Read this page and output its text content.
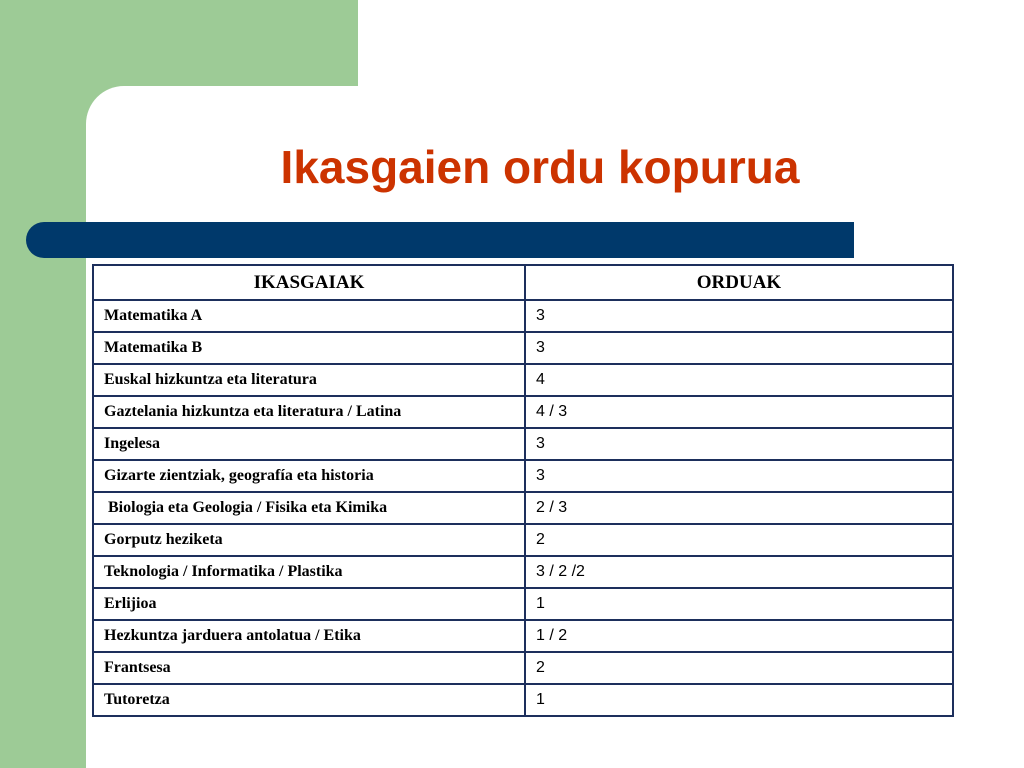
Ikasgaien ordu kopurua
IKASGAIAK	ORDUAK
Matematika A	3
Matematika B	3
Euskal hizkuntza eta literatura	4
Gaztelania hizkuntza eta literatura / Latina	4 / 3
Ingelesa	3
Gizarte zientziak, geografía eta historia	3
Biologia eta Geologia / Fisika eta Kimika	2 / 3
Gorputz heziketa	2
Teknologia / Informatika / Plastika	3 / 2 /2
Erlijioa	1
Hezkuntza jarduera antolatua / Etika	1 / 2
Frantsesa	2
Tutoretza	1
